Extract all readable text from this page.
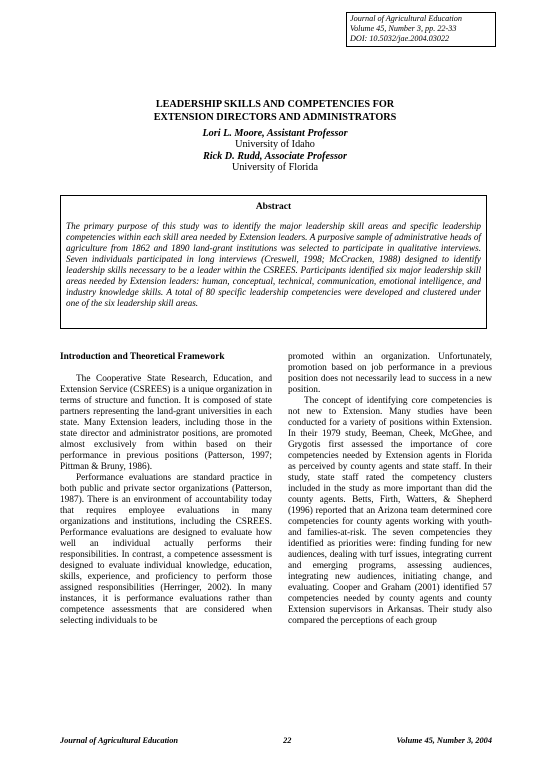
Journal of Agricultural Education
Volume 45, Number 3, pp. 22-33
DOI: 10.5032/jae.2004.03022
LEADERSHIP SKILLS AND COMPETENCIES FOR
EXTENSION DIRECTORS AND ADMINISTRATORS
Lori L. Moore, Assistant Professor
University of Idaho
Rick D. Rudd, Associate Professor
University of Florida
Abstract
The primary purpose of this study was to identify the major leadership skill areas and specific leadership competencies within each skill area needed by Extension leaders. A purposive sample of administrative heads of agriculture from 1862 and 1890 land-grant institutions was selected to participate in qualitative interviews. Seven individuals participated in long interviews (Creswell, 1998; McCracken, 1988) designed to identify leadership skills necessary to be a leader within the CSREES. Participants identified six major leadership skill areas needed by Extension leaders: human, conceptual, technical, communication, emotional intelligence, and industry knowledge skills. A total of 80 specific leadership competencies were developed and clustered under one of the six leadership skill areas.
Introduction and Theoretical Framework

The Cooperative State Research, Education, and Extension Service (CSREES) is a unique organization in terms of structure and function. It is composed of state partners representing the land-grant universities in each state. Many Extension leaders, including those in the state director and administrator positions, are promoted almost exclusively from within based on their performance in previous positions (Patterson, 1997; Pittman & Bruny, 1986).

Performance evaluations are standard practice in both public and private sector organizations (Patterson, 1987). There is an environment of accountability today that requires employee evaluations in many organizations and institutions, including the CSREES. Performance evaluations are designed to evaluate how well an individual actually performs their responsibilities. In contrast, a competence assessment is designed to evaluate individual knowledge, education, skills, experience, and proficiency to perform those assigned responsibilities (Herringer, 2002). In many instances, it is performance evaluations rather than competence assessments that are considered when selecting individuals to be

promoted within an organization. Unfortunately, promotion based on job performance in a previous position does not necessarily lead to success in a new position.

The concept of identifying core competencies is not new to Extension. Many studies have been conducted for a variety of positions within Extension. In their 1979 study, Beeman, Cheek, McGhee, and Grygotis first assessed the importance of core competencies needed by Extension agents in Florida as perceived by county agents and state staff. In their study, state staff rated the competency clusters included in the study as more important than did the county agents. Betts, Firth, Watters, & Shepherd (1996) reported that an Arizona team determined core competencies for county agents working with youth- and families-at-risk. The seven competencies they identified as priorities were: finding funding for new audiences, dealing with turf issues, integrating current and emerging programs, assessing audiences, integrating new audiences, initiating change, and evaluating. Cooper and Graham (2001) identified 57 competencies needed by county agents and county Extension supervisors in Arkansas. Their study also compared the perceptions of each group

Journal of Agricultural Education	22	Volume 45, Number 3, 2004
